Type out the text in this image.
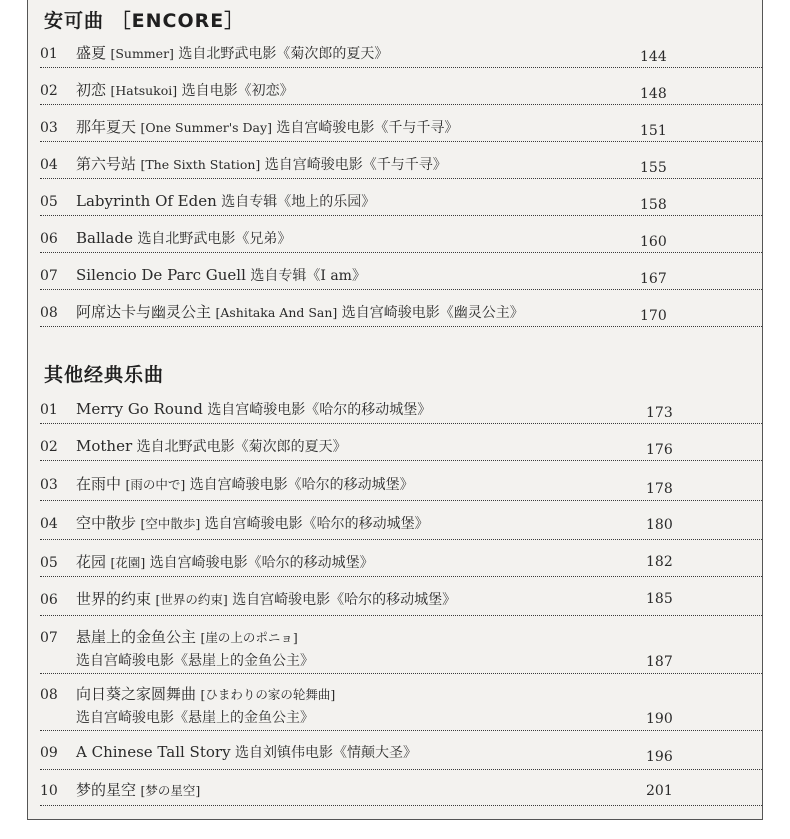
安可曲 ［ENCORE］
01 盛夏 [Summer] 选自北野武电影《菊次郎的夏天》	144
02 初恋 [Hatsukoi] 选自电影《初恋》	148
03 那年夏天 [One Summer's Day] 选自宫崎骏电影《千与千寻》	151
04 第六号站 [The Sixth Station] 选自宫崎骏电影《千与千寻》	155
05 Labyrinth Of Eden 选自专辑《地上的乐园》	158
06 Ballade 选自北野武电影《兄弟》	160
07 Silencio De Parc Guell 选自专辑《I am》	167
08 阿席达卡与幽灵公主 [Ashitaka And San] 选自宫崎骏电影《幽灵公主》	170
其他经典乐曲
01 Merry Go Round 选自宫崎骏电影《哈尔的移动城堡》	173
02 Mother 选自北野武电影《菊次郎的夏天》	176
03 在雨中 [雨の中で] 选自宫崎骏电影《哈尔的移动城堡》	178
04 空中散步 [空中散歩] 选自宫崎骏电影《哈尔的移动城堡》	180
05 花园 [花園] 选自宫崎骏电影《哈尔的移动城堡》	182
06 世界的约束 [世界の约束] 选自宫崎骏电影《哈尔的移动城堡》	185
07 悬崖上的金鱼公主 [崖の上のポニョ]
选自宫崎骏电影《悬崖上的金鱼公主》	187
08 向日葵之家圆舞曲 [ひまわりの家の轮舞曲]
选自宫崎骏电影《悬崖上的金鱼公主》	190
09 A Chinese Tall Story 选自刘镇伟电影《情颠大圣》	196
10 梦的星空 [梦の星空]	201
